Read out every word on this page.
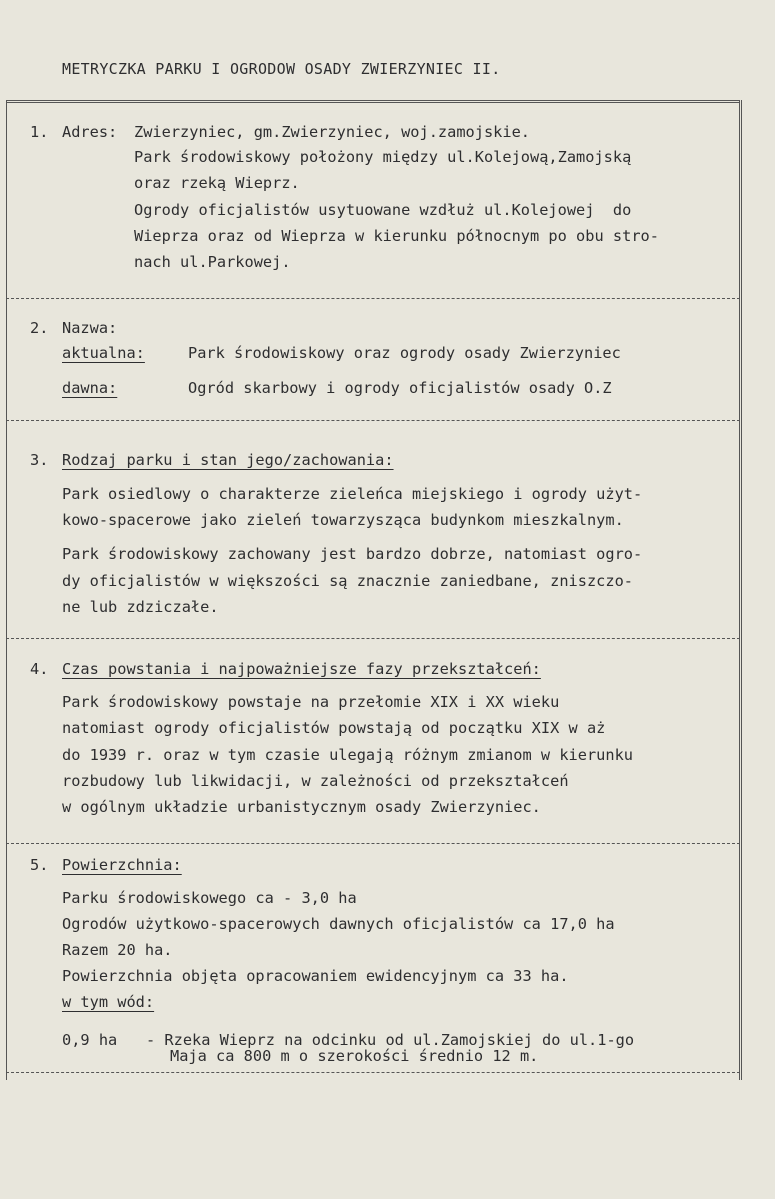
METRYCZKA PARKU I OGRODOW OSADY ZWIERZYNIEC II.
1. Adres: Zwierzyniec, gm.Zwierzyniec, woj.zamojskie.
Park środowiskowy położony między ul.Kolejową,Zamojską
oraz rzeką Wieprz.
Ogrody oficjalistów usytuowane wzdłuż ul.Kolejowej  do
Wieprza oraz od Wieprza w kierunku północnym po obu stro-
nach ul.Parkowej.
2. Nazwa:
aktualna:	Park środowiskowy oraz ogrody osady Zwierzyniec
dawna:	Ogród skarbowy i ogrody oficjalistów osady O.Z
3. Rodzaj parku i stan jego/zachowania:
Park osiedlowy o charakterze zieleńca miejskiego i ogrody użyt-
kowo-spacerowe jako zieleń towarzysząca budynkom mieszkalnym.
Park środowiskowy zachowany jest bardzo dobrze, natomiast ogro-
dy oficjalistów w większości są znacznie zaniedbane, zniszczo-
ne lub zdziczałe.
4. Czas powstania i najpoważniejsze fazy przekształceń:
Park środowiskowy powstaje na przełomie XIX i XX wieku
natomiast ogrody oficjalistów powstają od początku XIX w aż
do 1939 r. oraz w tym czasie ulegają różnym zmianom w kierunku
rozbudowy lub likwidacji, w zależności od przekształceń
w ogólnym układzie urbanistycznym osady Zwierzyniec.
5. Powierzchnia:
Parku środowiskowego ca - 3,0 ha
Ogrodów użytkowo-spacerowych dawnych oficjalistów ca 17,0 ha
Razem 20 ha.
Powierzchnia objęta opracowaniem ewidencyjnym ca 33 ha.
w tym wód:
0,9 ha - Rzeka Wieprz na odcinku od ul.Zamojskiej do ul.1-go
Maja ca 800 m o szerokości średnio 12 m.
